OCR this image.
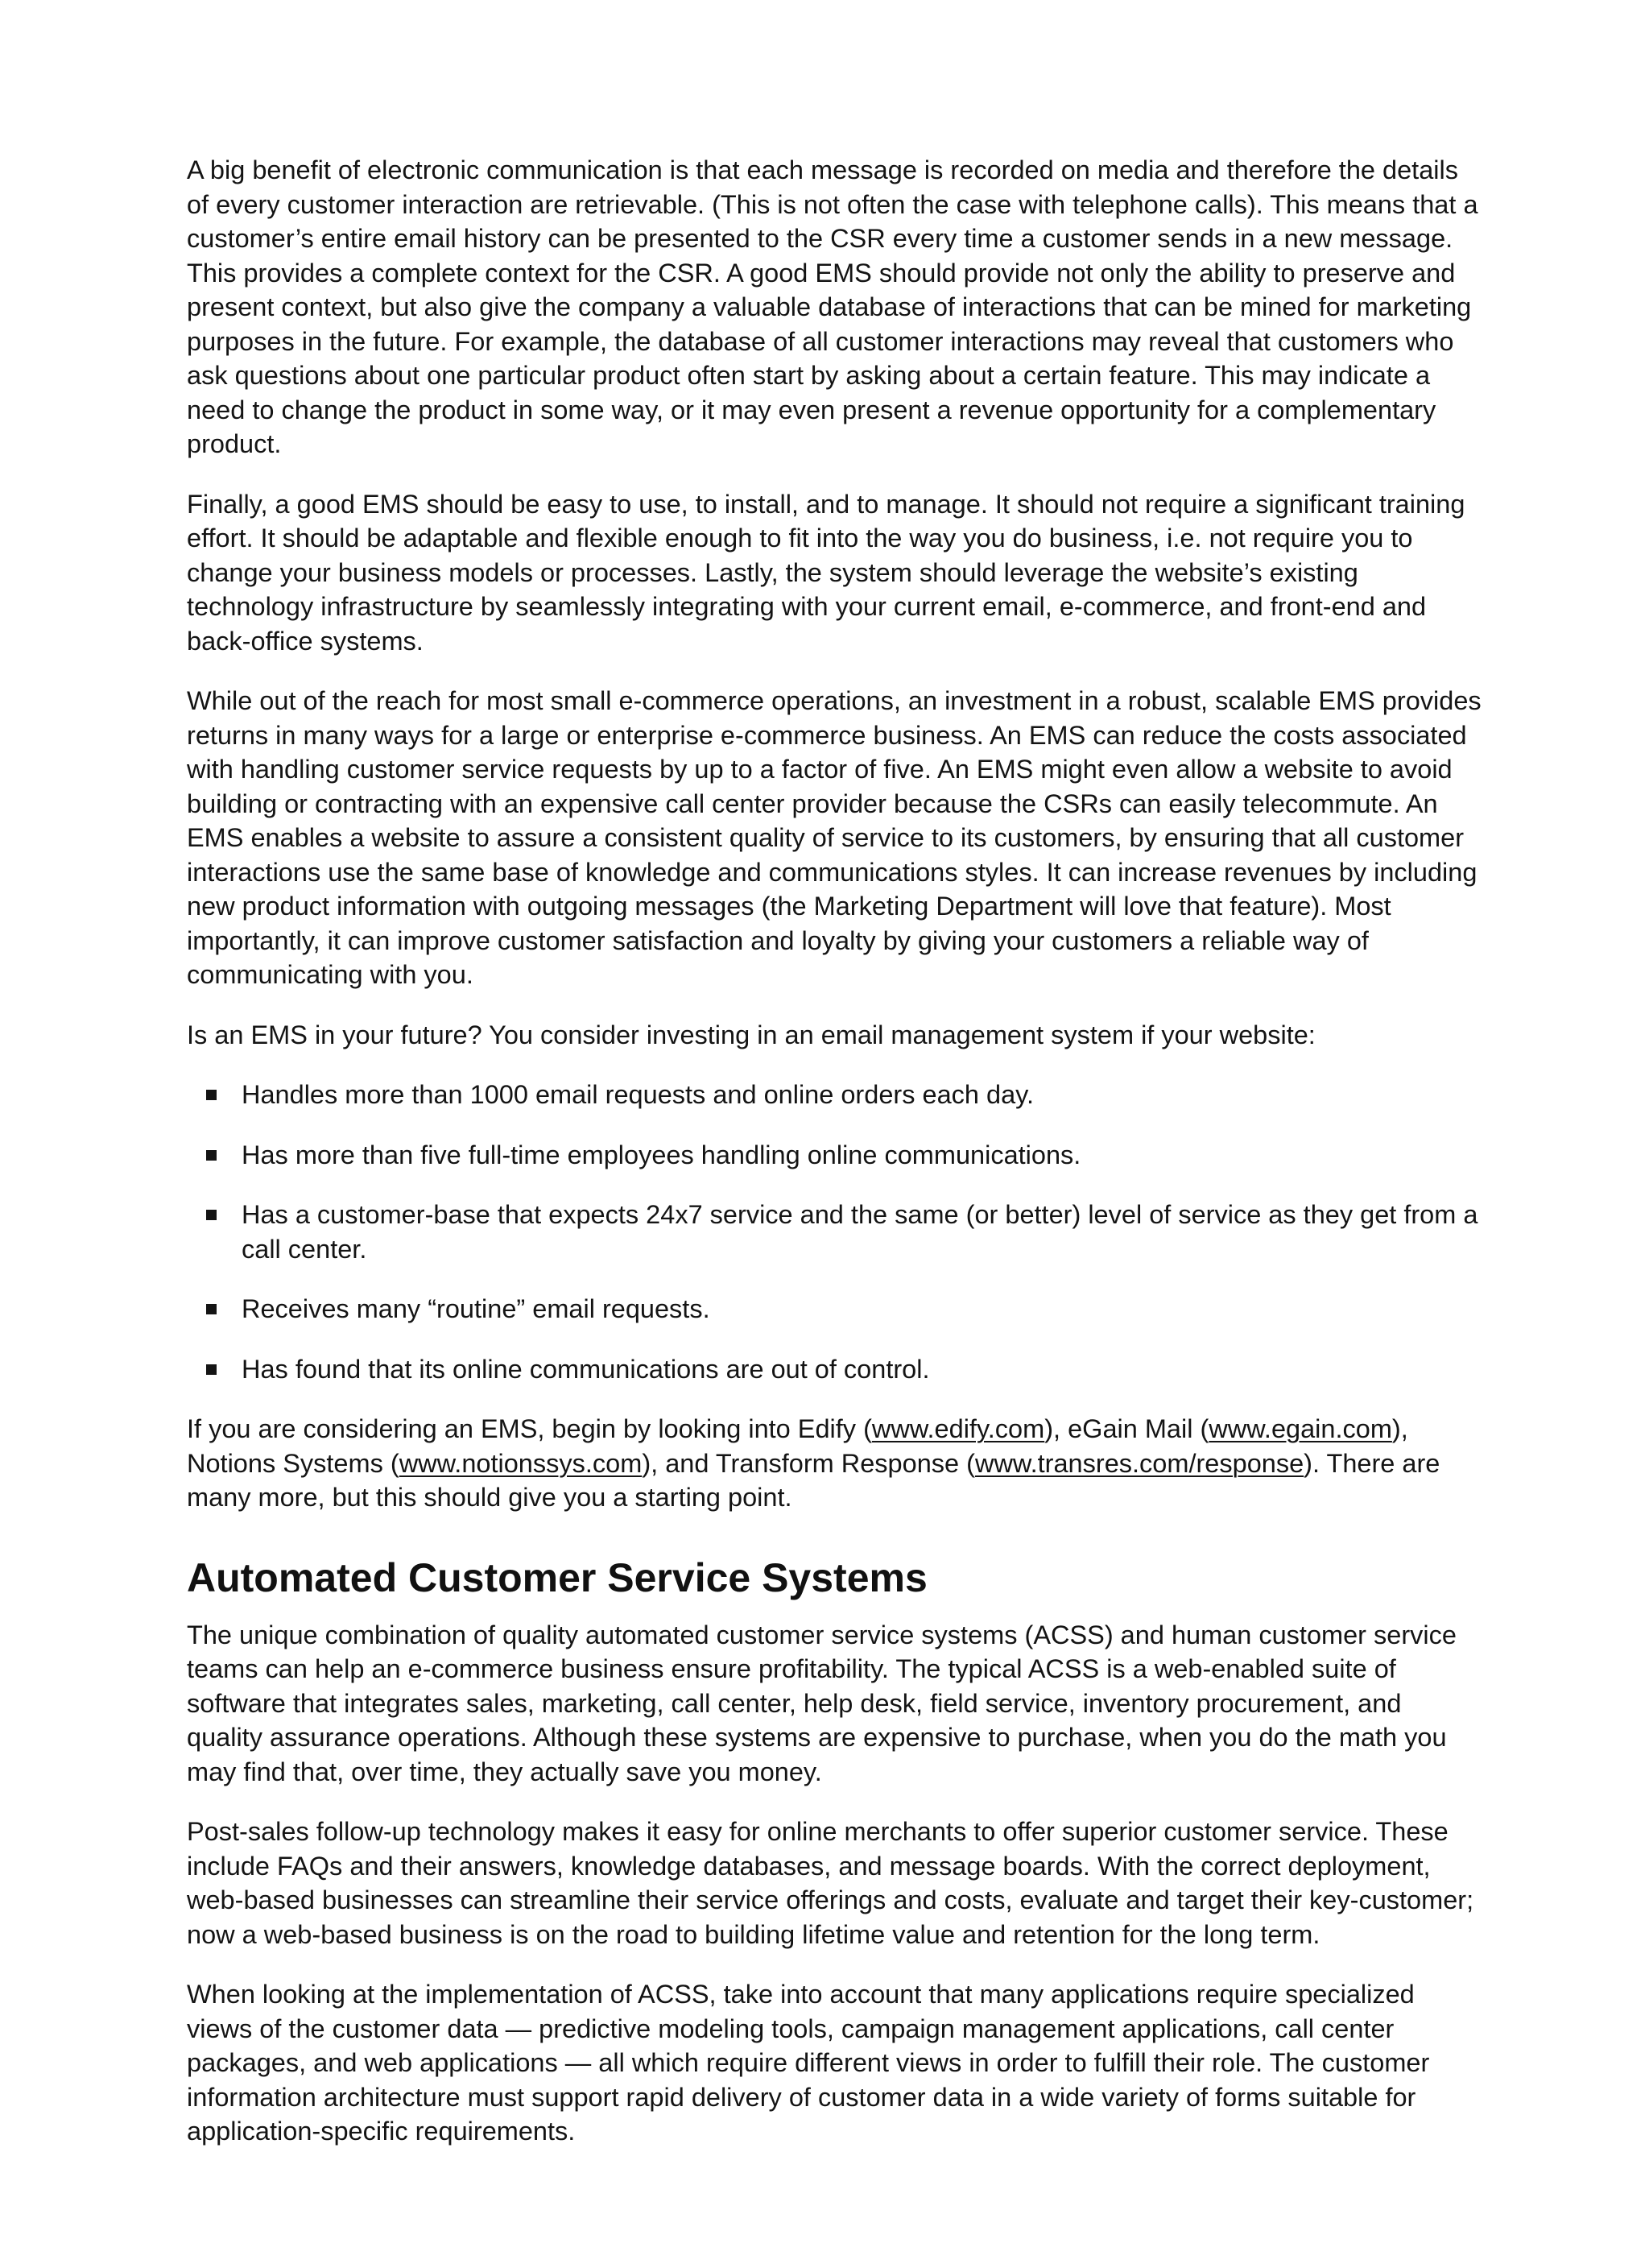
A big benefit of electronic communication is that each message is recorded on media and therefore the details of every customer interaction are retrievable. (This is not often the case with telephone calls). This means that a customer’s entire email history can be presented to the CSR every time a customer sends in a new message. This provides a complete context for the CSR. A good EMS should provide not only the ability to preserve and present context, but also give the company a valuable database of interactions that can be mined for marketing purposes in the future. For example, the database of all customer interactions may reveal that customers who ask questions about one particular product often start by asking about a certain feature. This may indicate a need to change the product in some way, or it may even present a revenue opportunity for a complementary product.

Finally, a good EMS should be easy to use, to install, and to manage. It should not require a significant training effort. It should be adaptable and flexible enough to fit into the way you do business, i.e. not require you to change your business models or processes. Lastly, the system should leverage the website’s existing technology infrastructure by seamlessly integrating with your current email, e-commerce, and front-end and back-office systems.

While out of the reach for most small e-commerce operations, an investment in a robust, scalable EMS provides returns in many ways for a large or enterprise e-commerce business. An EMS can reduce the costs associated with handling customer service requests by up to a factor of five. An EMS might even allow a website to avoid building or contracting with an expensive call center provider because the CSRs can easily telecommute. An EMS enables a website to assure a consistent quality of service to its customers, by ensuring that all customer interactions use the same base of knowledge and communications styles. It can increase revenues by including new product information with outgoing messages (the Marketing Department will love that feature). Most importantly, it can improve customer satisfaction and loyalty by giving your customers a reliable way of communicating with you.

Is an EMS in your future? You consider investing in an email management system if your website:

Handles more than 1000 email requests and online orders each day.
Has more than five full-time employees handling online communications.
Has a customer-base that expects 24x7 service and the same (or better) level of service as they get from a call center.
Receives many “routine” email requests.
Has found that its online communications are out of control.

If you are considering an EMS, begin by looking into Edify (www.edify.com), eGain Mail (www.egain.com), Notions Systems (www.notionssys.com), and Transform Response (www.transres.com/response). There are many more, but this should give you a starting point.

Automated Customer Service Systems

The unique combination of quality automated customer service systems (ACSS) and human customer service teams can help an e-commerce business ensure profitability. The typical ACSS is a web-enabled suite of software that integrates sales, marketing, call center, help desk, field service, inventory procurement, and quality assurance operations. Although these systems are expensive to purchase, when you do the math you may find that, over time, they actually save you money.

Post-sales follow-up technology makes it easy for online merchants to offer superior customer service. These include FAQs and their answers, knowledge databases, and message boards. With the correct deployment, web-based businesses can streamline their service offerings and costs, evaluate and target their key-customer; now a web-based business is on the road to building lifetime value and retention for the long term.

When looking at the implementation of ACSS, take into account that many applications require specialized views of the customer data — predictive modeling tools, campaign management applications, call center packages, and web applications — all which require different views in order to fulfill their role. The customer information architecture must support rapid delivery of customer data in a wide variety of forms suitable for application-specific requirements.
